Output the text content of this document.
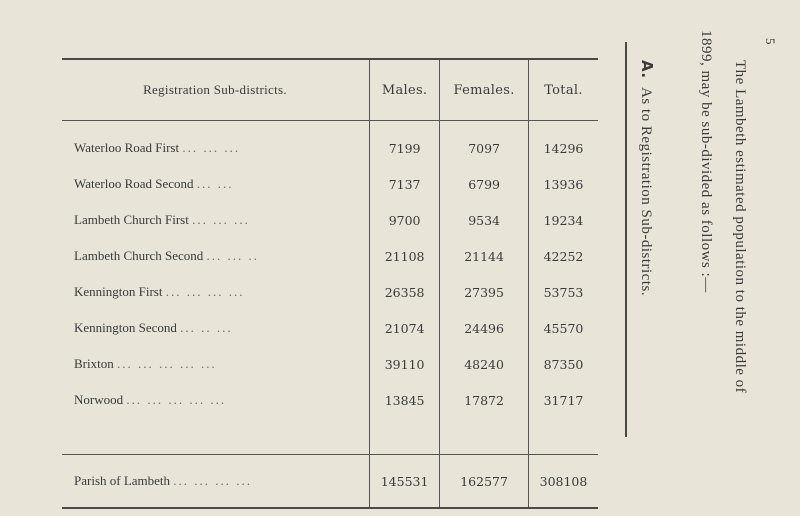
Registration Sub-districts.	Males.	Females.	Total.
Waterloo Road First ... ... ...	7199	7097	14296
Waterloo Road Second ... ...	7137	6799	13936
Lambeth Church First ... ... ...	9700	9534	19234
Lambeth Church Second ... ... ..	21108	21144	42252
Kennington First ... ... ... ...	26358	27395	53753
Kennington Second ... .. ...	21074	24496	45570
Brixton ... ... ... ... ...	39110	48240	87350
Norwood ... ... ... ... ...	13845	17872	31717

Parish of Lambeth ... ... ... ...	145531	162577	308108
5
The Lambeth estimated population to the middle of
1899, may be sub-divided as follows :—
A.  As to Registration Sub-districts.
